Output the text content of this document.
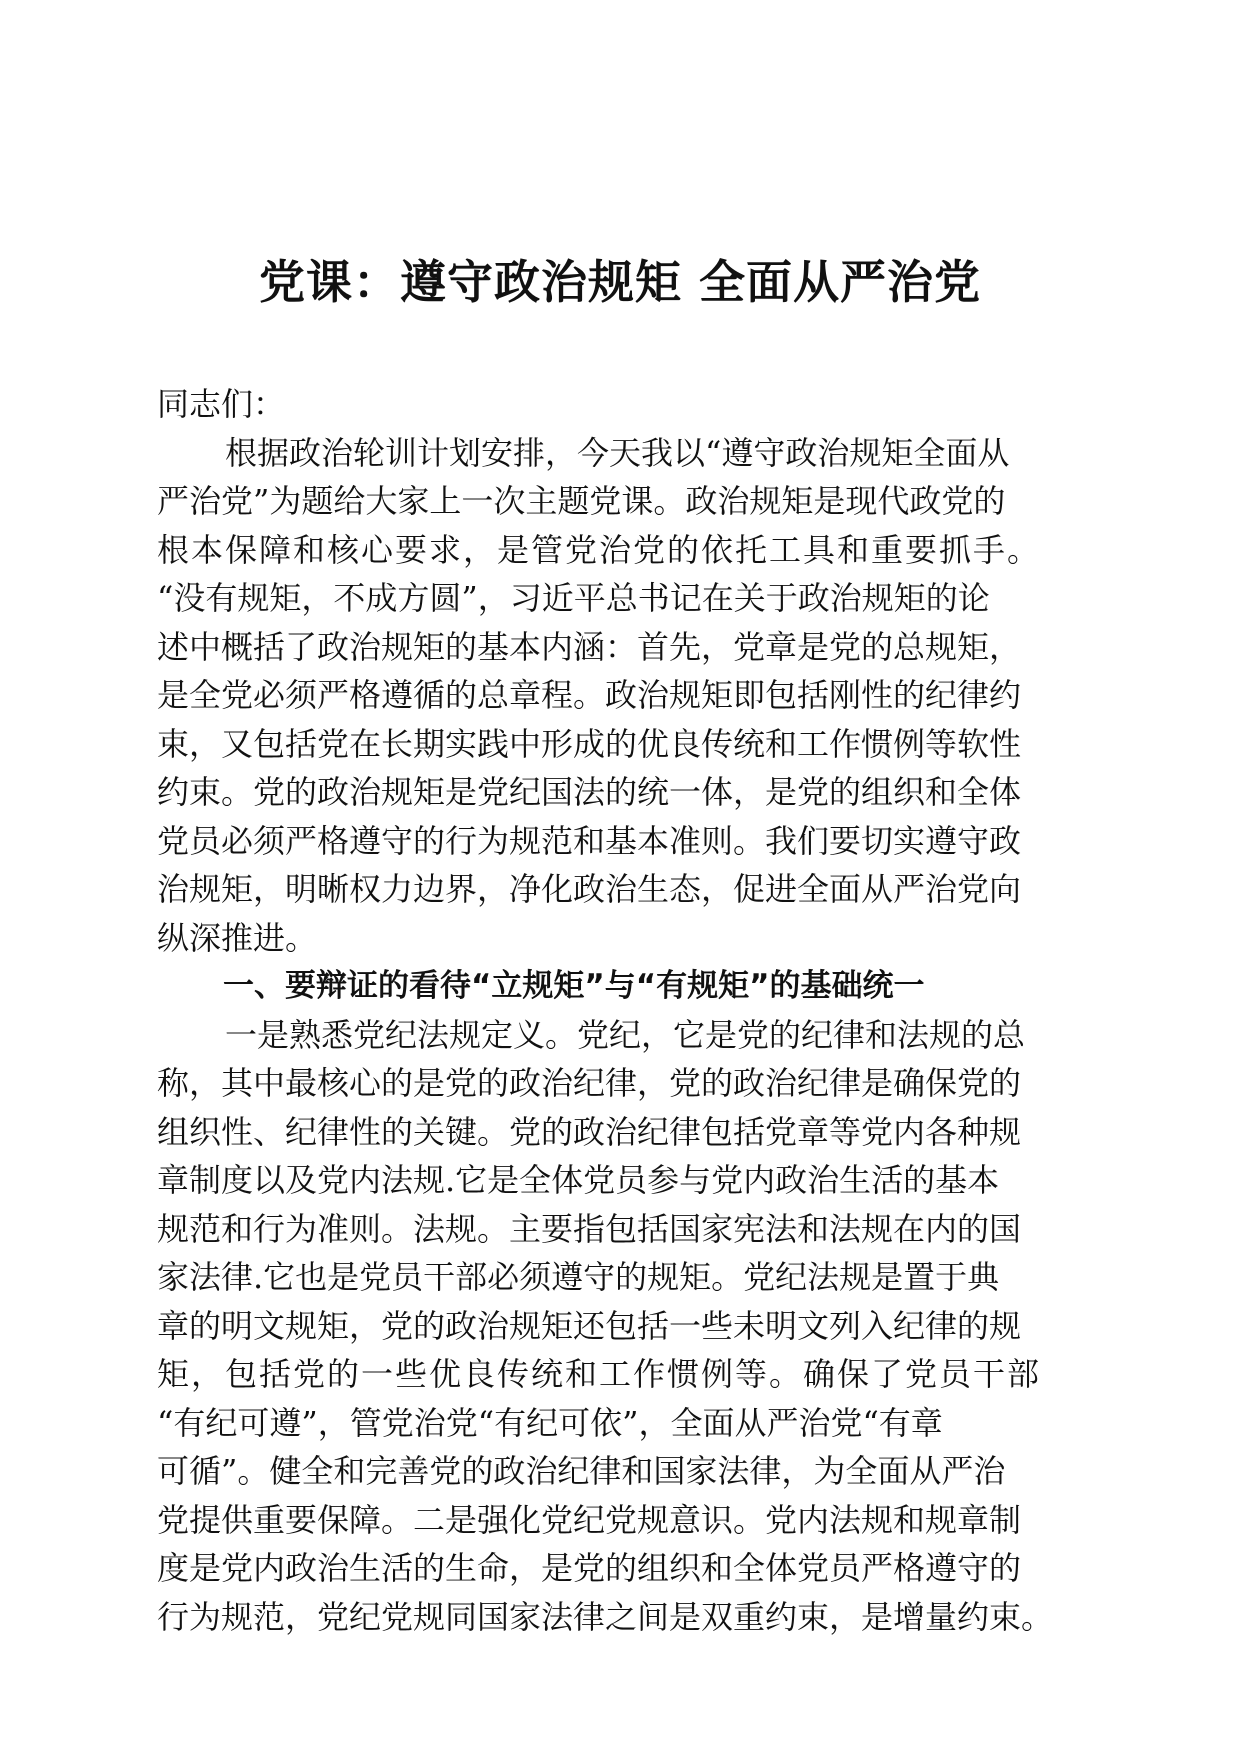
党课：遵守政治规矩 全面从严治党
同志们：
根据政治轮训计划安排，今天我以“遵守政治规矩全面从
严治党”为题给大家上一次主题党课。政治规矩是现代政党的
根本保障和核心要求，是管党治党的依托工具和重要抓手。
“没有规矩，不成方圆”，习近平总书记在关于政治规矩的论
述中概括了政治规矩的基本内涵：首先，党章是党的总规矩，
是全党必须严格遵循的总章程。政治规矩即包括刚性的纪律约
束，又包括党在长期实践中形成的优良传统和工作惯例等软性
约束。党的政治规矩是党纪国法的统一体，是党的组织和全体
党员必须严格遵守的行为规范和基本准则。我们要切实遵守政
治规矩，明晰权力边界，净化政治生态，促进全面从严治党向
纵深推进。
一、要辩证的看待“立规矩”与“有规矩”的基础统一
一是熟悉党纪法规定义。党纪，它是党的纪律和法规的总
称，其中最核心的是党的政治纪律，党的政治纪律是确保党的
组织性、纪律性的关键。党的政治纪律包括党章等党内各种规
章制度以及党内法规.它是全体党员参与党内政治生活的基本
规范和行为准则。法规。主要指包括国家宪法和法规在内的国
家法律.它也是党员干部必须遵守的规矩。党纪法规是置于典
章的明文规矩，党的政治规矩还包括一些未明文列入纪律的规
矩，包括党的一些优良传统和工作惯例等。确保了党员干部
“有纪可遵”，管党治党“有纪可依”，全面从严治党“有章
可循”。健全和完善党的政治纪律和国家法律，为全面从严治
党提供重要保障。二是强化党纪党规意识。党内法规和规章制
度是党内政治生活的生命，是党的组织和全体党员严格遵守的
行为规范，党纪党规同国家法律之间是双重约束，是增量约束。
